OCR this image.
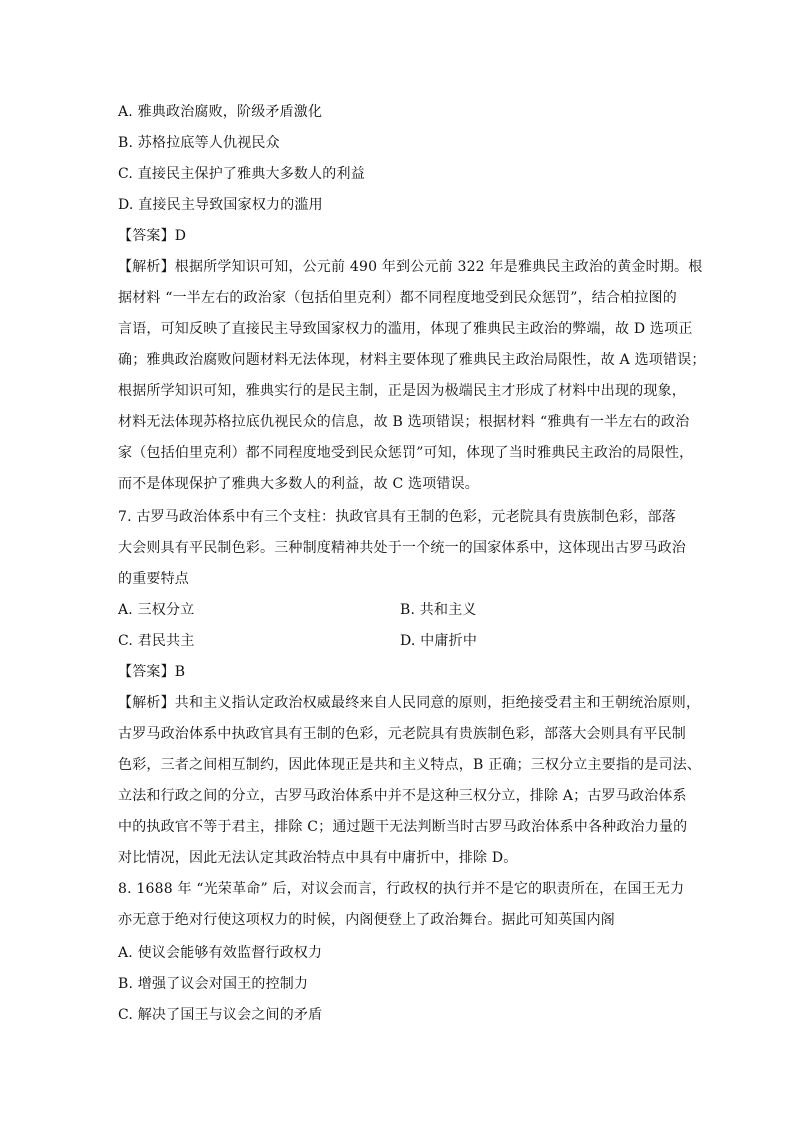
A. 雅典政治腐败，阶级矛盾激化
B. 苏格拉底等人仇视民众
C. 直接民主保护了雅典大多数人的利益
D. 直接民主导致国家权力的滥用
【答案】D
【解析】根据所学知识可知，公元前 490 年到公元前 322 年是雅典民主政治的黄金时期。根
据材料 “一半左右的政治家（包括伯里克利）都不同程度地受到民众惩罚”，结合柏拉图的
言语，可知反映了直接民主导致国家权力的滥用，体现了雅典民主政治的弊端，故 D 选项正
确；雅典政治腐败问题材料无法体现，材料主要体现了雅典民主政治局限性，故 A 选项错误；
根据所学知识可知，雅典实行的是民主制，正是因为极端民主才形成了材料中出现的现象，
材料无法体现苏格拉底仇视民众的信息，故 B 选项错误；根据材料 “雅典有一半左右的政治
家（包括伯里克利）都不同程度地受到民众惩罚”可知，体现了当时雅典民主政治的局限性，
而不是体现保护了雅典大多数人的利益，故 C 选项错误。
7. 古罗马政治体系中有三个支柱：执政官具有王制的色彩，元老院具有贵族制色彩，部落
大会则具有平民制色彩。三种制度精神共处于一个统一的国家体系中，这体现出古罗马政治
的重要特点
A. 三权分立	B. 共和主义
C. 君民共主	D. 中庸折中
【答案】B
【解析】共和主义指认定政治权威最终来自人民同意的原则，拒绝接受君主和王朝统治原则，
古罗马政治体系中执政官具有王制的色彩，元老院具有贵族制色彩，部落大会则具有平民制
色彩，三者之间相互制约，因此体现正是共和主义特点，B 正确；三权分立主要指的是司法、
立法和行政之间的分立，古罗马政治体系中并不是这种三权分立，排除 A；古罗马政治体系
中的执政官不等于君主，排除 C；通过题干无法判断当时古罗马政治体系中各种政治力量的
对比情况，因此无法认定其政治特点中具有中庸折中，排除 D。
8. 1688 年 “光荣革命” 后，对议会而言，行政权的执行并不是它的职责所在，在国王无力
亦无意于绝对行使这项权力的时候，内阁便登上了政治舞台。据此可知英国内阁
A. 使议会能够有效监督行政权力
B. 增强了议会对国王的控制力
C. 解决了国王与议会之间的矛盾
